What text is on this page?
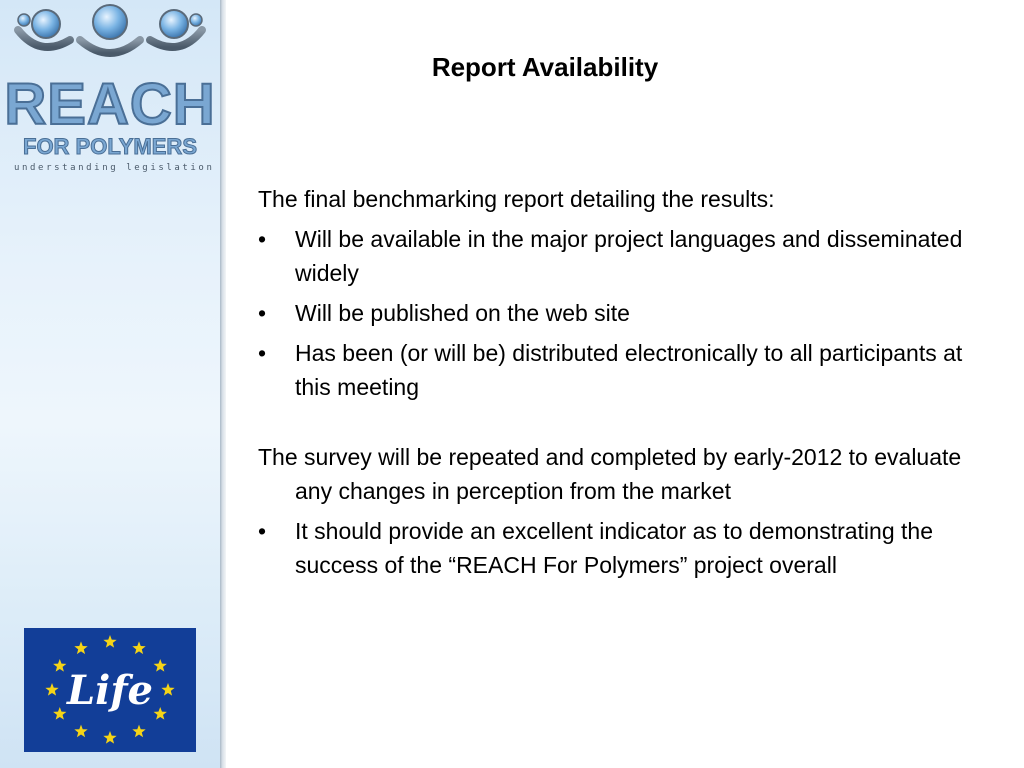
REACH
FOR POLYMERS
understanding legislation
Life
Report Availability

The final benchmarking report detailing the results:

•	Will be available in the major project languages and disseminated widely
•	Will be published on the web site
•	Has been (or will be) distributed electronically to all participants at this meeting

The survey will be repeated and completed by early-2012 to evaluate any changes in perception from the market

•	It should provide an excellent indicator as to demonstrating the success of the “REACH For Polymers” project overall
